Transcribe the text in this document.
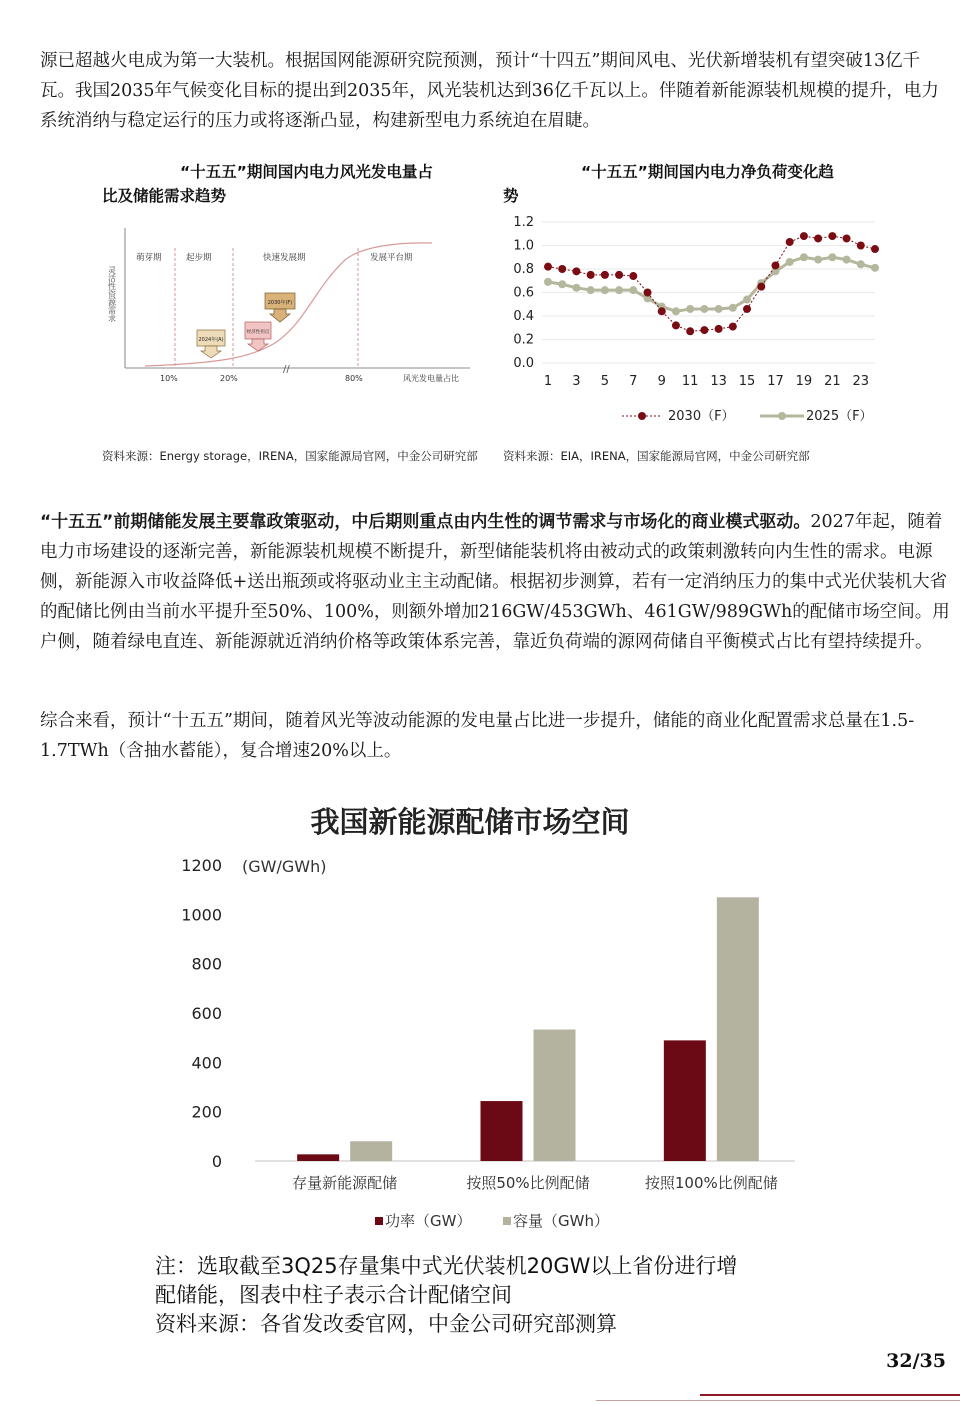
源已超越火电成为第一大装机。根据国网能源研究院预测，预计“十四五”期间风电、光伏新增装机有望突破13亿千瓦。我国2035年气候变化目标的提出到2035年，风光装机达到36亿千瓦以上。伴随着新能源装机规模的提升，电力系统消纳与稳定运行的压力或将逐渐凸显，构建新型电力系统迫在眉睫。
“十五五”期间国内电力风光发电量占
比及储能需求趋势
//
灵活性资源需求
萌芽期	起步期	快速发展期	发展平台期
2030年(F)
经济性拐点
2024年(A)
10%	20%	80%	风光发电量占比
资料来源：Energy storage，IRENA，国家能源局官网，中金公司研究部
“十五五”期间国内电力净负荷变化趋
势
0.0
0.2
0.4
0.6
0.8
1.0
1.2
1 3 5 7 9 11 13 15 17 19 21 23
2030（F）	2025（F）
资料来源：EIA，IRENA，国家能源局官网，中金公司研究部
“十五五”前期储能发展主要靠政策驱动，中后期则重点由内生性的调节需求与市场化的商业模式驱动。2027年起，随着电力市场建设的逐渐完善，新能源装机规模不断提升，新型储能装机将由被动式的政策刺激转向内生性的需求。电源侧，新能源入市收益降低+送出瓶颈或将驱动业主主动配储。根据初步测算，若有一定消纳压力的集中式光伏装机大省的配储比例由当前水平提升至50%、100%，则额外增加216GW/453GWh、461GW/989GWh的配储市场空间。用户侧，随着绿电直连、新能源就近消纳价格等政策体系完善，靠近负荷端的源网荷储自平衡模式占比有望持续提升。
综合来看，预计“十五五”期间，随着风光等波动能源的发电量占比进一步提升，储能的商业化配置需求总量在1.5-1.7TWh（含抽水蓄能），复合增速20%以上。
我国新能源配储市场空间
0
200
400
600
800
1000
1200 (GW/GWh)
存量新能源配储	按照50%比例配储	按照100%比例配储
功率（GW）	容量（GWh）
注：选取截至3Q25存量集中式光伏装机20GW以上省份进行增
配储能，图表中柱子表示合计配储空间
资料来源：各省发改委官网，中金公司研究部测算
32/35
